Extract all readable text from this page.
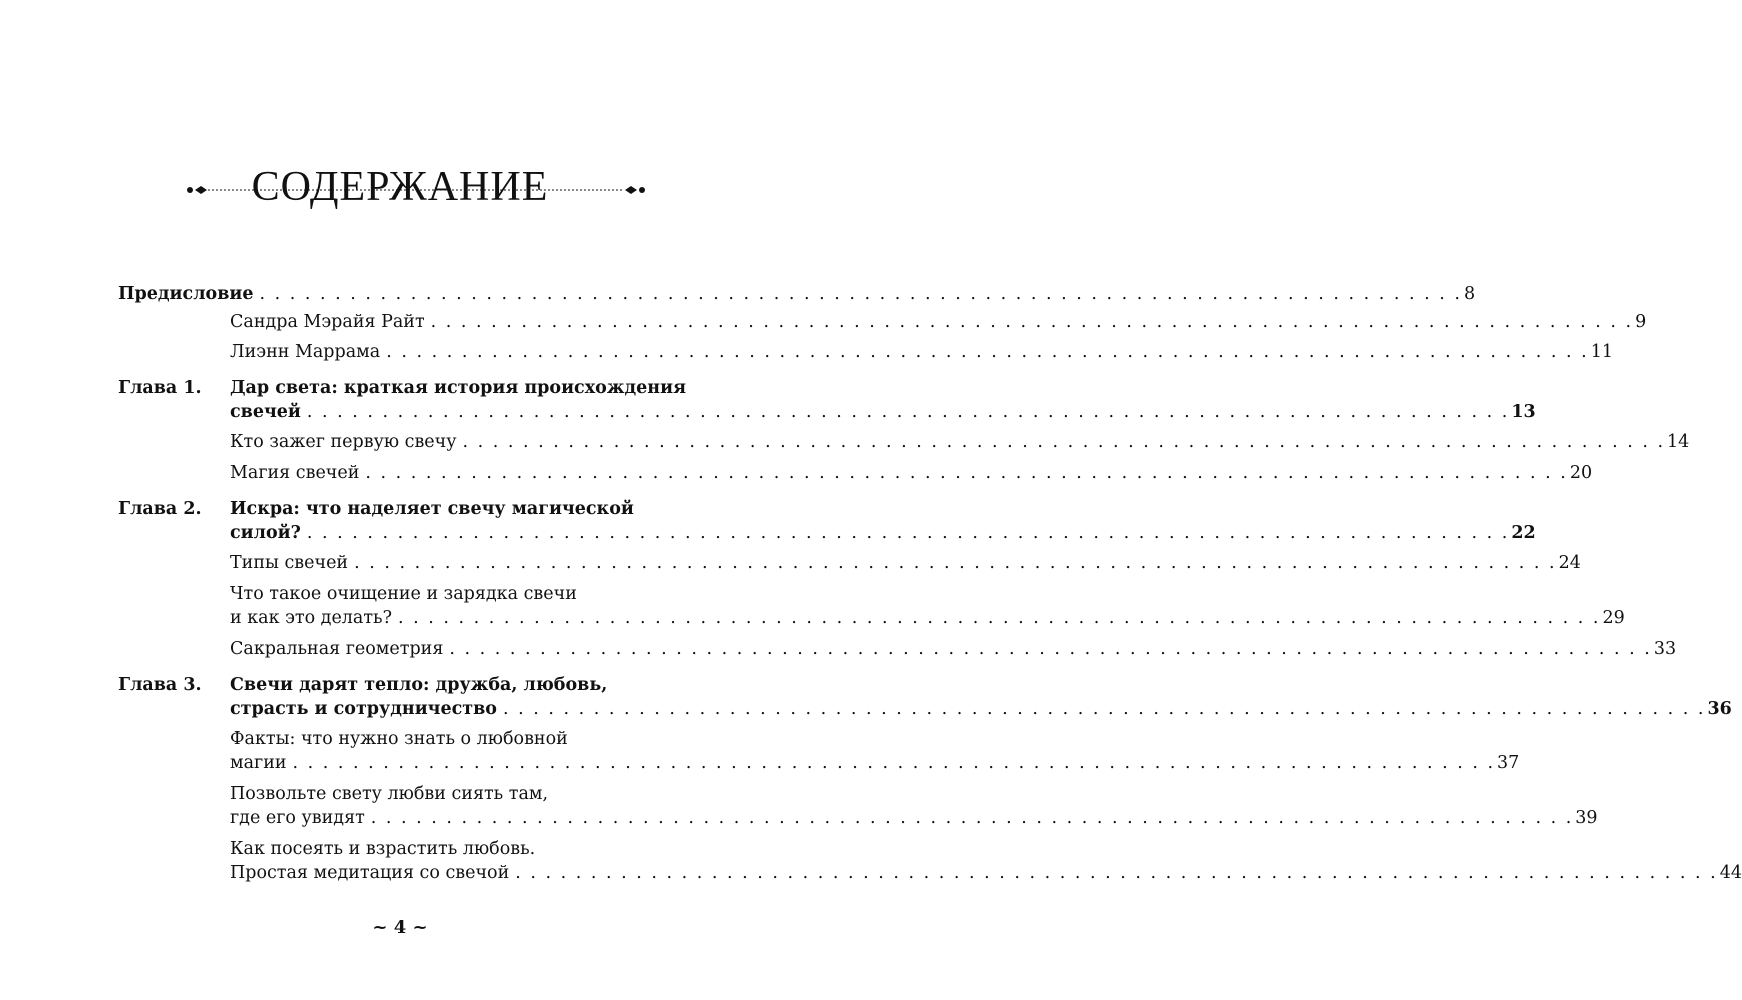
СОДЕРЖАНИЕ
Предисловие . . . . . . . . . . . . . . . . . . . . . . . . . . . . . . . . . . . . . . . . . . . . . . . . . . . . . . . . . . . . . . . . . . . . . . . . . . . . . . . . 8
Сандра Мэрайя Райт . . . . . . . . . . . . . . . . . . . . . . . . . . . . . . . . . . . . . . . . . . . . . . . . . . . . . . . . . . . . . . . . . . . . . . . . . . . . . . . . 9
Лиэнн Маррама . . . . . . . . . . . . . . . . . . . . . . . . . . . . . . . . . . . . . . . . . . . . . . . . . . . . . . . . . . . . . . . . . . . . . . . . . . . . . . . . 11
Глава 1.	Дар света: краткая история происхождения
свечей . . . . . . . . . . . . . . . . . . . . . . . . . . . . . . . . . . . . . . . . . . . . . . . . . . . . . . . . . . . . . . . . . . . . . . . . . . . . . . . . 13
Кто зажег первую свечу . . . . . . . . . . . . . . . . . . . . . . . . . . . . . . . . . . . . . . . . . . . . . . . . . . . . . . . . . . . . . . . . . . . . . . . . . . . . . . . . 14
Магия свечей . . . . . . . . . . . . . . . . . . . . . . . . . . . . . . . . . . . . . . . . . . . . . . . . . . . . . . . . . . . . . . . . . . . . . . . . . . . . . . . . 20
Глава 2.	Искра: что наделяет свечу магической
силой? . . . . . . . . . . . . . . . . . . . . . . . . . . . . . . . . . . . . . . . . . . . . . . . . . . . . . . . . . . . . . . . . . . . . . . . . . . . . . . . . 22
Типы свечей . . . . . . . . . . . . . . . . . . . . . . . . . . . . . . . . . . . . . . . . . . . . . . . . . . . . . . . . . . . . . . . . . . . . . . . . . . . . . . . . 24
Что такое очищение и зарядка свечи
и как это делать? . . . . . . . . . . . . . . . . . . . . . . . . . . . . . . . . . . . . . . . . . . . . . . . . . . . . . . . . . . . . . . . . . . . . . . . . . . . . . . . . 29
Сакральная геометрия . . . . . . . . . . . . . . . . . . . . . . . . . . . . . . . . . . . . . . . . . . . . . . . . . . . . . . . . . . . . . . . . . . . . . . . . . . . . . . . . 33
Глава 3.	Свечи дарят тепло: дружба, любовь,
страсть и сотрудничество . . . . . . . . . . . . . . . . . . . . . . . . . . . . . . . . . . . . . . . . . . . . . . . . . . . . . . . . . . . . . . . . . . . . . . . . . . . . . . . . 36
Факты: что нужно знать о любовной
магии . . . . . . . . . . . . . . . . . . . . . . . . . . . . . . . . . . . . . . . . . . . . . . . . . . . . . . . . . . . . . . . . . . . . . . . . . . . . . . . . 37
Позвольте свету любви сиять там,
где его увидят . . . . . . . . . . . . . . . . . . . . . . . . . . . . . . . . . . . . . . . . . . . . . . . . . . . . . . . . . . . . . . . . . . . . . . . . . . . . . . . . 39
Как посеять и взрастить любовь.
Простая медитация со свечой . . . . . . . . . . . . . . . . . . . . . . . . . . . . . . . . . . . . . . . . . . . . . . . . . . . . . . . . . . . . . . . . . . . . . . . . . . . . . . . . 44
~ 4 ~
